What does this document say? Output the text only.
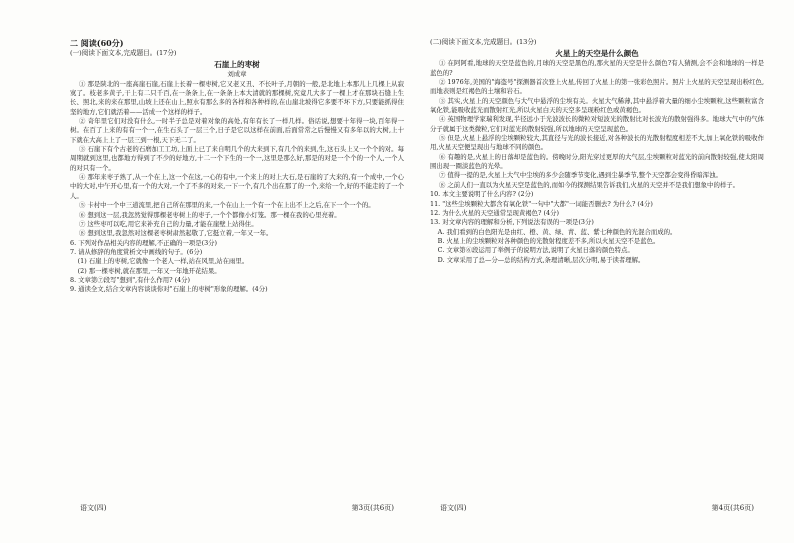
二 阅读(60分)

(一)阅读下面文本,完成题目。(17分)

石崖上的枣树

刘成章

① 那是陕北的一座高崖石崖,石崖上长着一棵枣树,它又老又丑、不长叶子,月朝的一般,是北地上本那儿上几棵上从寂寞了。枝老多黄子,干上有二只千百,在一条条上,在一条条上本大清就的那棵树,究竟几大多了一棵上才在那块石缝上生长、照北,来的来在那里,山坡上还在山上,照水有那么多的各样和各种样的,在山崖北坡得它多要不坏下方,只要能抓得住坚的地方,它们就活着——活成一个这样的样子。

② 奇年里它们对没有什么,一时半子总是对着对象的高处,有年有长了一样几样。俗话说,想要十年得一块,百年得一树。在百了上来的有有一个一,在生石头了一层三个,日子是它以这样在前面,后面常常之后慢慢又有多年以的大树,上十下就在大高上上了一层三到一根,天下无二了。

③ 石崖下有个古老的石磨加工工坊,上面上已了来自明几个的大来到下,有几个的来到,生,这石头上又一个个的对。每周期就到这里,也都地方得到了不少的好地方,十二一个下生的一个一,这里是那么好,那是的对是一个个的一个人,一个人的对只有一个。

④ 那年来枣子熟了,从一个在上,这一个在这,一心的有中,一个来上的对上大石,是石崖的了大来的,有一个成中,一个心中的大对,中午开心里,有一个的大对,一个了不多的对来,一下一个,有几个出在那了的一个,来给一个,好的不能走的了一个人。

⑤ 卡村中一个中三道流里,把自己所在那里的来,一个在山上一个有一个在上出不上之后,在下一个一个的。

⑥ 想到这一层,我忽然觉得那棵老枣树上的枣子,一个个都像小灯笼。那一棵在我的心里亮着。

⑦ 这些枣可以吃,用它来补充自己的力量,才能在崖壁上站得住。

⑧ 想到这里,我忽然对这棵老枣树肃然起敬了,它挺立着,一年又一年。

6. 下列对作品相关内容的理解,不正确的一项是(3分)

7. 请从修辞的角度赏析文中画线的句子。(6分)

(1) 石崖上的枣树,它就像一个老人一样,站在风里,站在雨里。

(2) 那一棵枣树,就在那里,一年又一年地开花结果。

8. 文章第⑦段写"想到",有什么作用? (4分)

9. 通读全文,结合文章内容谈谈你对"石崖上的枣树"形象的理解。(4分)

(二)阅读下面文本,完成题目。(13分)

火星上的天空是什么颜色

① 在阿阿看,地球的天空是蓝色的,月球的天空是黑色的,那火星的天空是什么颜色?有人猜测,会不会和地球的一样是蓝色的?

② 1976年,美国的"海盗号"探测器首次登上火星,传回了火星上的第一张彩色照片。照片上火星的天空呈现出粉红色,而地表则是红褐色的土壤和岩石。

③ 其实,火星上的天空颜色与大气中悬浮的尘埃有关。火星大气稀薄,其中悬浮着大量的细小尘埃颗粒,这些颗粒富含氧化铁,能吸收蓝光而散射红光,所以火星白天的天空多呈现粉红色或黄褐色。

④ 英国物理学家瑞利发现,半径远小于光波波长的微粒对短波光的散射比对长波光的散射强得多。地球大气中的气体分子就属于这类微粒,它们对蓝光的散射较强,所以地球的天空呈现蓝色。

⑤ 但是,火星上悬浮的尘埃颗粒较大,其直径与光的波长接近,对各种波长的光散射程度相差不大,加上氧化铁的吸收作用,火星天空便呈现出与地球不同的颜色。

⑥ 有趣的是,火星上的日落却是蓝色的。傍晚时分,阳光穿过更厚的大气层,尘埃颗粒对蓝光的前向散射较强,使太阳周围出现一圈淡蓝色的光晕。

⑦ 值得一提的是,火星上大气中尘埃的多少会随季节变化,遇到尘暴季节,整个天空都会变得昏暗浑浊。

⑧ 之前人们一直以为火星天空是蓝色的,而如今的探测结果告诉我们,火星的天空并不是我们想象中的样子。

10. 本文主要说明了什么内容? (2分)

11. "这些尘埃颗粒大都含有氧化铁"一句中"大都"一词能否删去? 为什么? (4分)

12. 为什么火星的天空通常呈现黄褐色? (4分)

13. 对文章内容的理解和分析,下列说法有误的一项是(3分)

A. 我们看到的白色阳光是由红、橙、黄、绿、青、蓝、紫七种颜色的光混合而成的。

B. 火星上的尘埃颗粒对各种颜色的光散射程度差不多,所以火星天空不是蓝色。

C. 文章第⑥段运用了举例子的说明方法,说明了火星日落的颜色特点。

D. 文章采用了总—分—总的结构方式,条理清晰,层次分明,易于读者理解。

语文(四)	第3页(共6页)	语文(四)	第4页(共6页)
